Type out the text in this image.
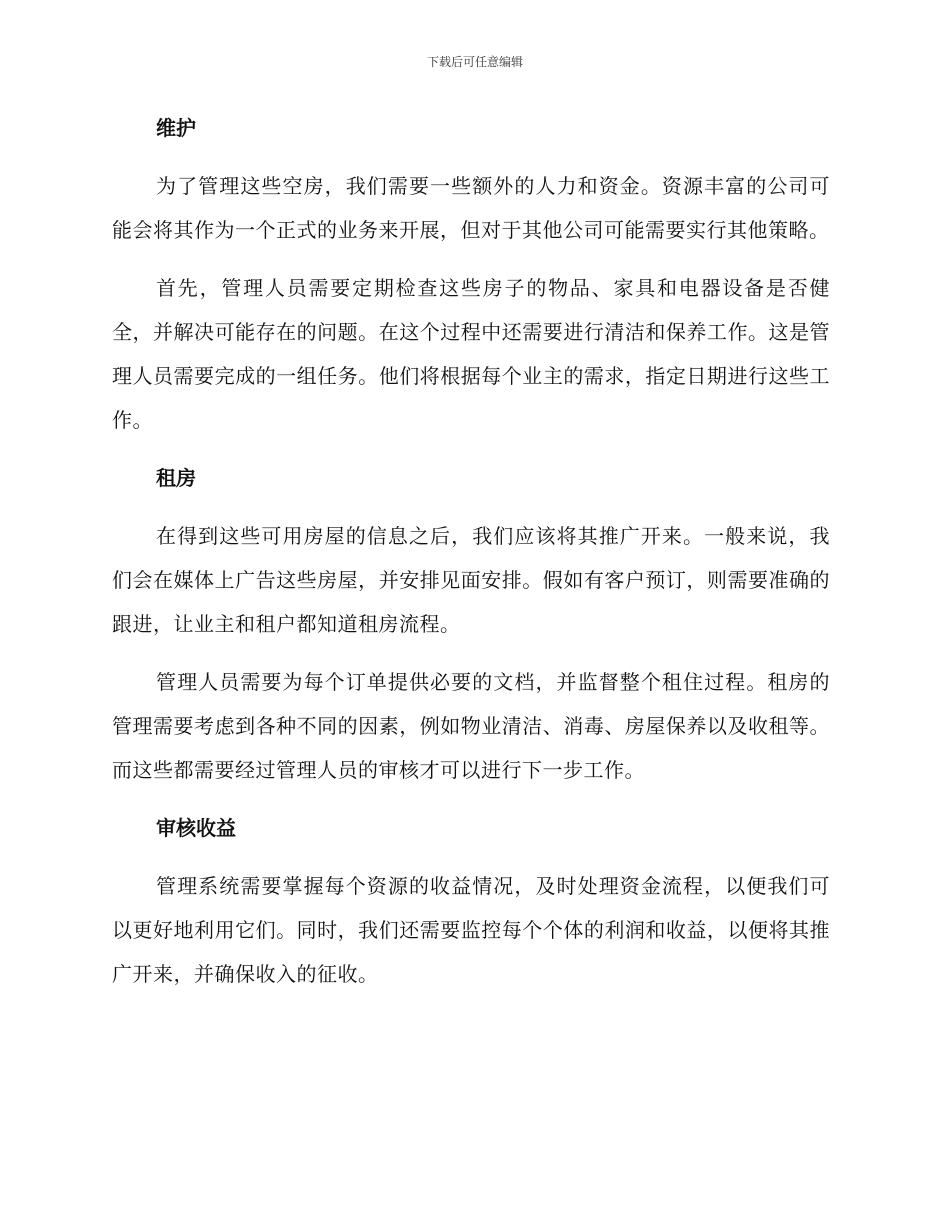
下载后可任意编辑
维护

为了管理这些空房，我们需要一些额外的人力和资金。资源丰富的公司可能会将其作为一个正式的业务来开展，但对于其他公司可能需要实行其他策略。

首先，管理人员需要定期检查这些房子的物品、家具和电器设备是否健全，并解决可能存在的问题。在这个过程中还需要进行清洁和保养工作。这是管理人员需要完成的一组任务。他们将根据每个业主的需求，指定日期进行这些工作。

租房

在得到这些可用房屋的信息之后，我们应该将其推广开来。一般来说，我们会在媒体上广告这些房屋，并安排见面安排。假如有客户预订，则需要准确的跟进，让业主和租户都知道租房流程。

管理人员需要为每个订单提供必要的文档，并监督整个租住过程。租房的管理需要考虑到各种不同的因素，例如物业清洁、消毒、房屋保养以及收租等。而这些都需要经过管理人员的审核才可以进行下一步工作。

审核收益

管理系统需要掌握每个资源的收益情况，及时处理资金流程，以便我们可以更好地利用它们。同时，我们还需要监控每个个体的利润和收益，以便将其推广开来，并确保收入的征收。
